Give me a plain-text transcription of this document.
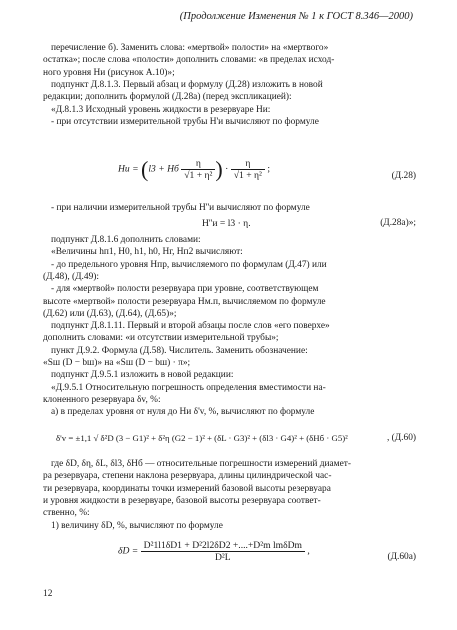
(Продолжение Изменения № 1 к ГОСТ 8.346—2000)
перечисление б). Заменить слова: «мертвой» полости» на «мертвого»
остатка»; после слова «полости» дополнить словами: «в пределах исход-
ного уровня Hи (рисунок А.10)»;
подпункт Д.8.1.3. Первый абзац и формулу (Д.28) изложить в новой
редакции; дополнить формулой (Д.28а) (перед экспликацией):
«Д.8.1.3 Исходный уровень жидкости в резервуаре Hи:
- при отсутствии измерительной трубы H'и вычисляют по формуле
Hи = (l3 + Hб $\frac{\eta}{\text{√1 + η²}}$ ) · $\frac{\eta}{\text{√1 + η²}}$ ;
(Д.28)
- при наличии измерительной трубы H''и вычисляют по формуле
H''и = l3 · η.	(Д.28а)»;
подпункт Д.8.1.6 дополнить словами:
«Величины hп1, H0, h1, h0, Hг, Hп2 вычисляют:
- до предельного уровня Hпр, вычисляемого по формулам (Д.47) или
(Д.48), (Д.49):
- для «мертвой» полости резервуара при уровне, соответствующем
высоте «мертвой» полости резервуара Hм.п, вычисляемом по формуле
(Д.62) или (Д.63), (Д.64), (Д.65)»;
подпункт Д.8.1.11. Первый и второй абзацы после слов «его поверхе»
дополнить словами: «и отсутствии измерительной трубы»;
пункт Д.9.2. Формула (Д.58). Числитель. Заменить обозначение:
«Sш (D − bш)» на «Sш (D − bш) · π»;
подпункт Д.9.5.1 изложить в новой редакции:
«Д.9.5.1 Относительную погрешность определения вместимости на-
клоненного резервуара δv, %:
а) в пределах уровня от нуля до Hи δ'v, %, вычисляют по формуле
δ'v = ±1,1 √ δ²D (3 − G1)² + δ²η (G2 − 1)² + (δL · G3)² + (δl3 · G4)² + (δHб · G5)²	, (Д.60)
где δD, δη, δL, δl3, δHб — относительные погрешности измерений диамет-
ра резервуара, степени наклона резервуара, длины цилиндрической час-
ти резервуара, координаты точки измерений базовой высоты резервуара
и уровня жидкости в резервуаре, базовой высоты резервуара соответ-
ственно, %:
1) величину δD, %, вычисляют по формуле
$\delta D = \frac{\text{D²1l1δD1 + D²2l2δD2 +....+D²m lmδDm}}{\text{D²L}}$ ,
(Д.60а)
12
